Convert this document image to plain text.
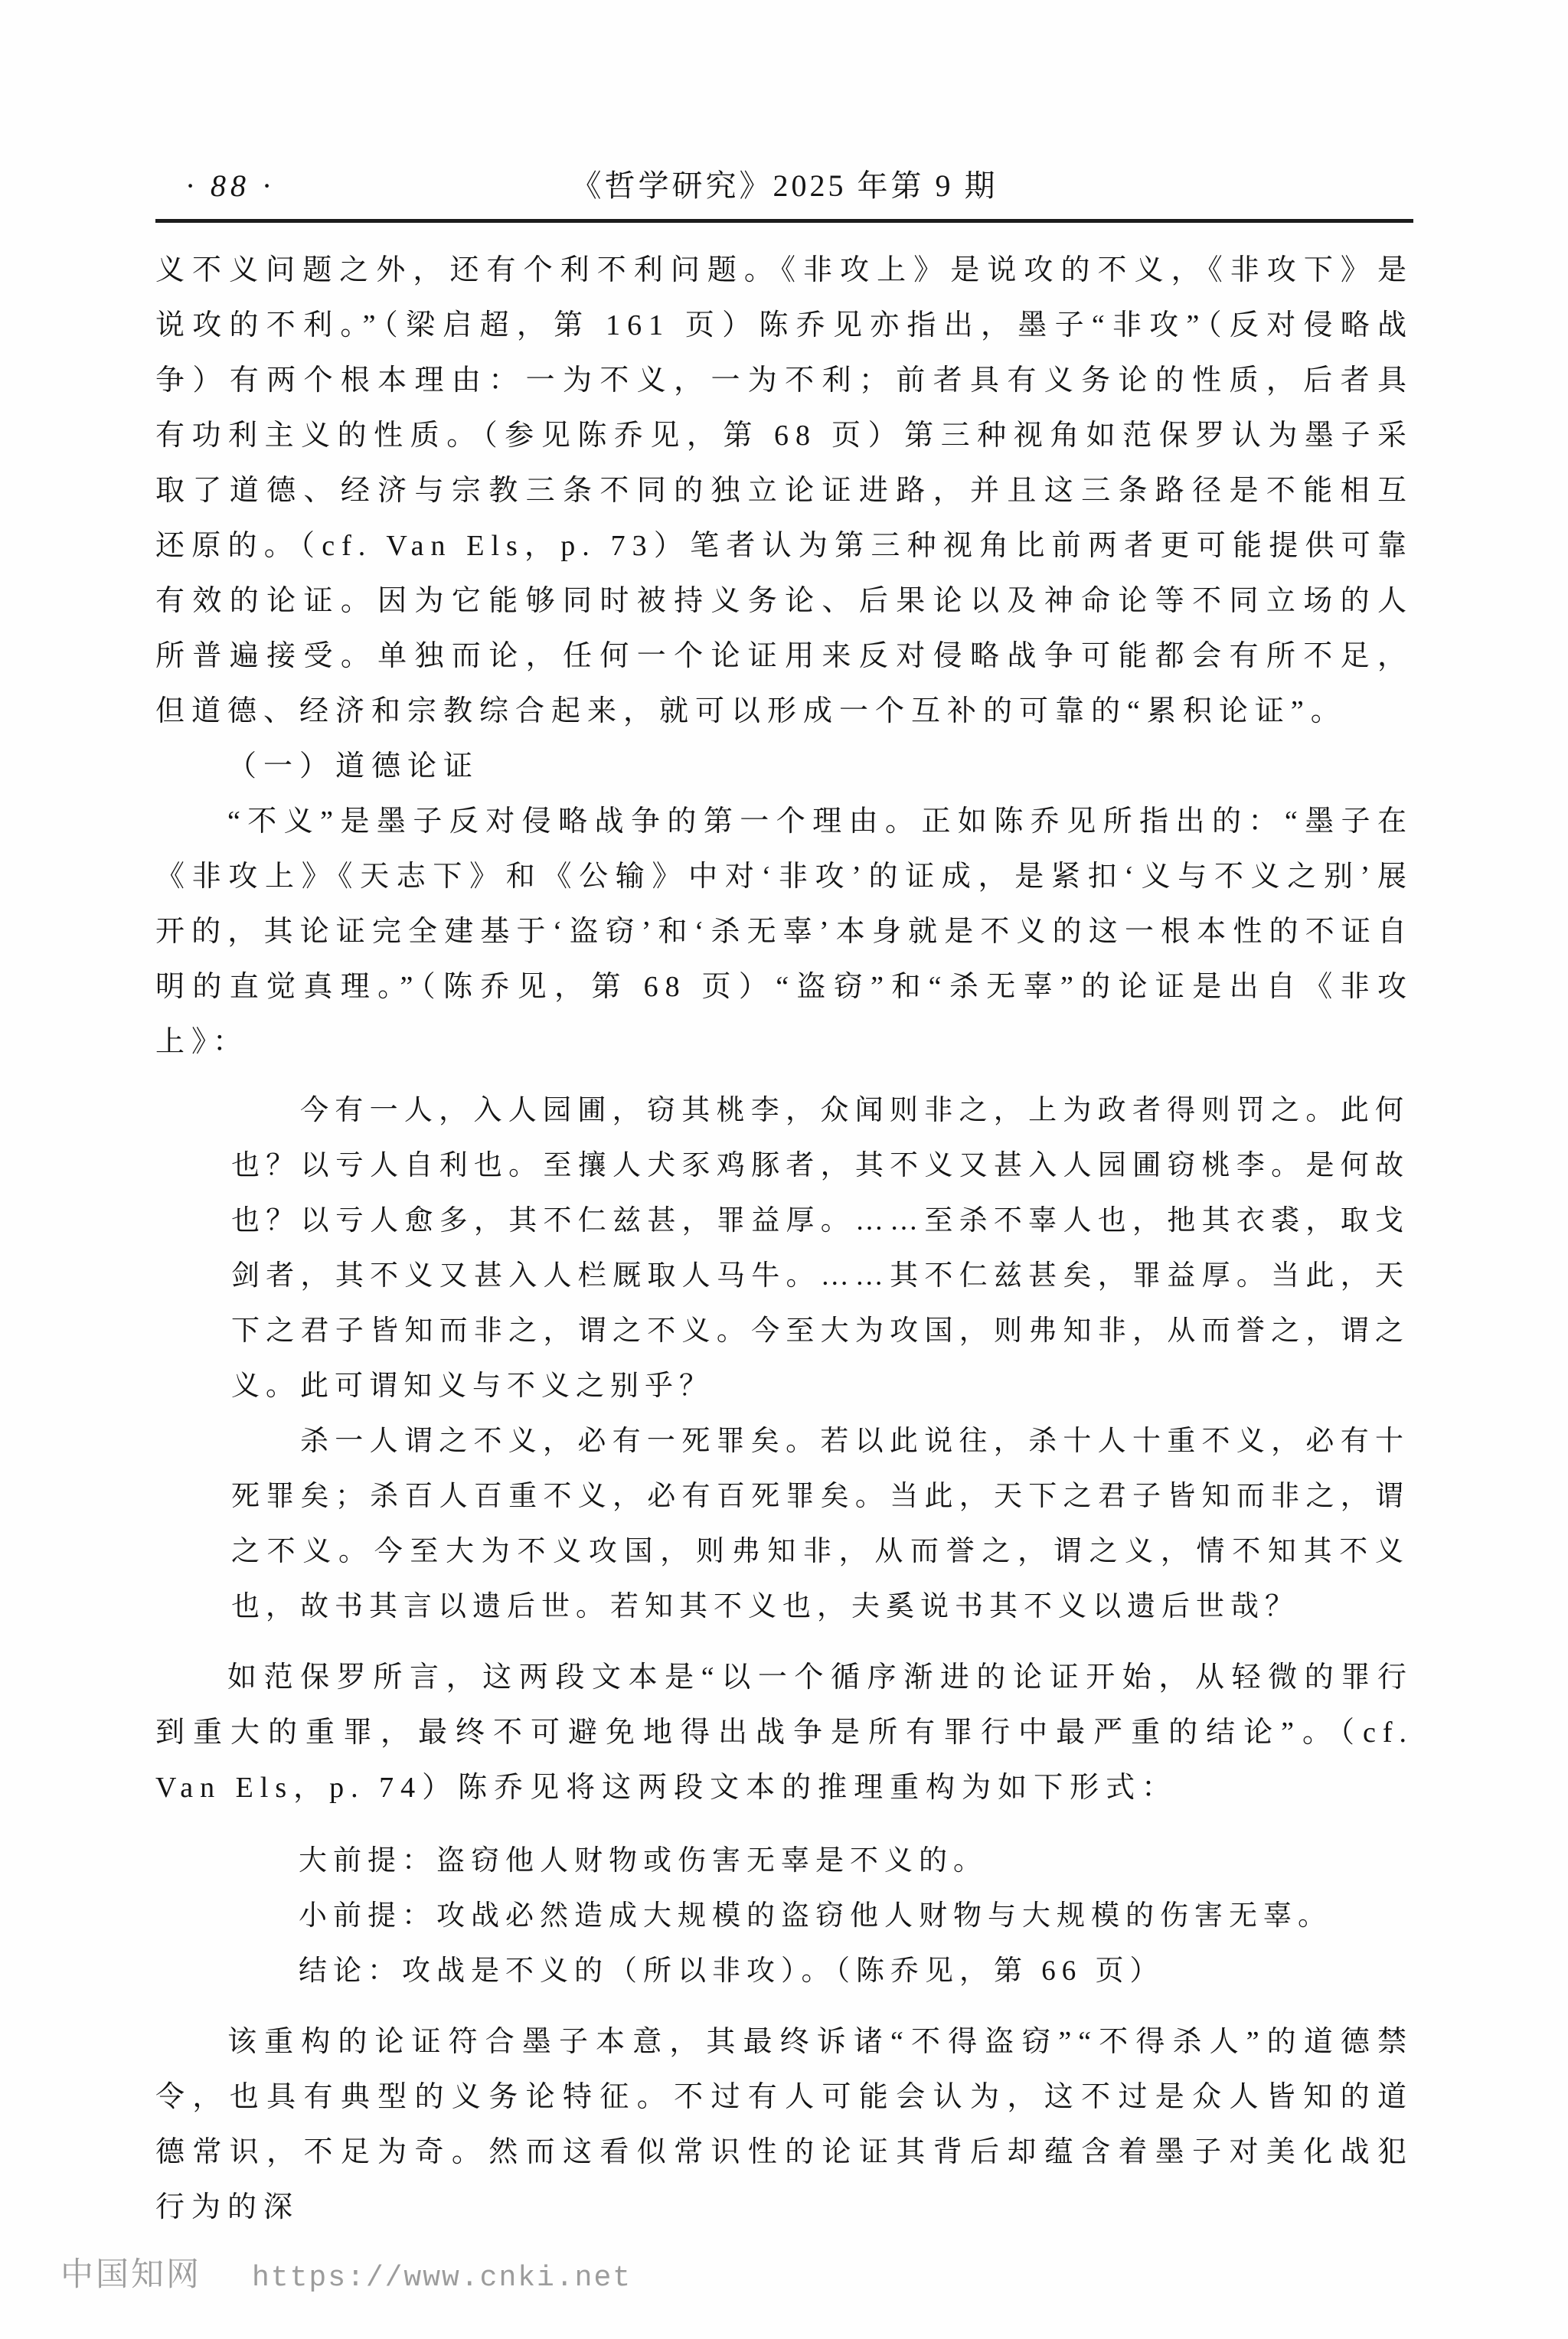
· 88 ·	《哲学研究》2025 年第 9 期

义不义问题之外，还有个利不利问题。《非攻上》是说攻的不义，《非攻下》是说攻的不利。”（梁启超，第 161 页）陈乔见亦指出，墨子“非攻”（反对侵略战争）有两个根本理由：一为不义，一为不利；前者具有义务论的性质，后者具有功利主义的性质。（参见陈乔见，第 68 页）第三种视角如范保罗认为墨子采取了道德、经济与宗教三条不同的独立论证进路，并且这三条路径是不能相互还原的。（cf. Van Els，p. 73）笔者认为第三种视角比前两者更可能提供可靠有效的论证。因为它能够同时被持义务论、后果论以及神命论等不同立场的人所普遍接受。单独而论，任何一个论证用来反对侵略战争可能都会有所不足，但道德、经济和宗教综合起来，就可以形成一个互补的可靠的“累积论证”。

（一）道德论证

“不义”是墨子反对侵略战争的第一个理由。正如陈乔见所指出的：“墨子在《非攻上》《天志下》和《公输》中对‘非攻’的证成，是紧扣‘义与不义之别’展开的，其论证完全建基于‘盗窃’和‘杀无辜’本身就是不义的这一根本性的不证自明的直觉真理。”（陈乔见，第 68 页）“盗窃”和“杀无辜”的论证是出自《非攻上》：

今有一人，入人园圃，窃其桃李，众闻则非之，上为政者得则罚之。此何也？以亏人自利也。至攘人犬豕鸡豚者，其不义又甚入人园圃窃桃李。是何故也？以亏人愈多，其不仁兹甚，罪益厚。……至杀不辜人也，扡其衣裘，取戈剑者，其不义又甚入人栏厩取人马牛。……其不仁兹甚矣，罪益厚。当此，天下之君子皆知而非之，谓之不义。今至大为攻国，则弗知非，从而誉之，谓之义。此可谓知义与不义之别乎？

杀一人谓之不义，必有一死罪矣。若以此说往，杀十人十重不义，必有十死罪矣；杀百人百重不义，必有百死罪矣。当此，天下之君子皆知而非之，谓之不义。今至大为不义攻国，则弗知非，从而誉之，谓之义，情不知其不义也，故书其言以遗后世。若知其不义也，夫奚说书其不义以遗后世哉？

如范保罗所言，这两段文本是“以一个循序渐进的论证开始，从轻微的罪行到重大的重罪，最终不可避免地得出战争是所有罪行中最严重的结论”。（cf. Van Els，p. 74）陈乔见将这两段文本的推理重构为如下形式：

大前提：盗窃他人财物或伤害无辜是不义的。

小前提：攻战必然造成大规模的盗窃他人财物与大规模的伤害无辜。

结论：攻战是不义的（所以非攻）。（陈乔见，第 66 页）

该重构的论证符合墨子本意，其最终诉诸“不得盗窃”“不得杀人”的道德禁令，也具有典型的义务论特征。不过有人可能会认为，这不过是众人皆知的道德常识，不足为奇。然而这看似常识性的论证其背后却蕴含着墨子对美化战犯行为的深

中国知网 https://www.cnki.net
